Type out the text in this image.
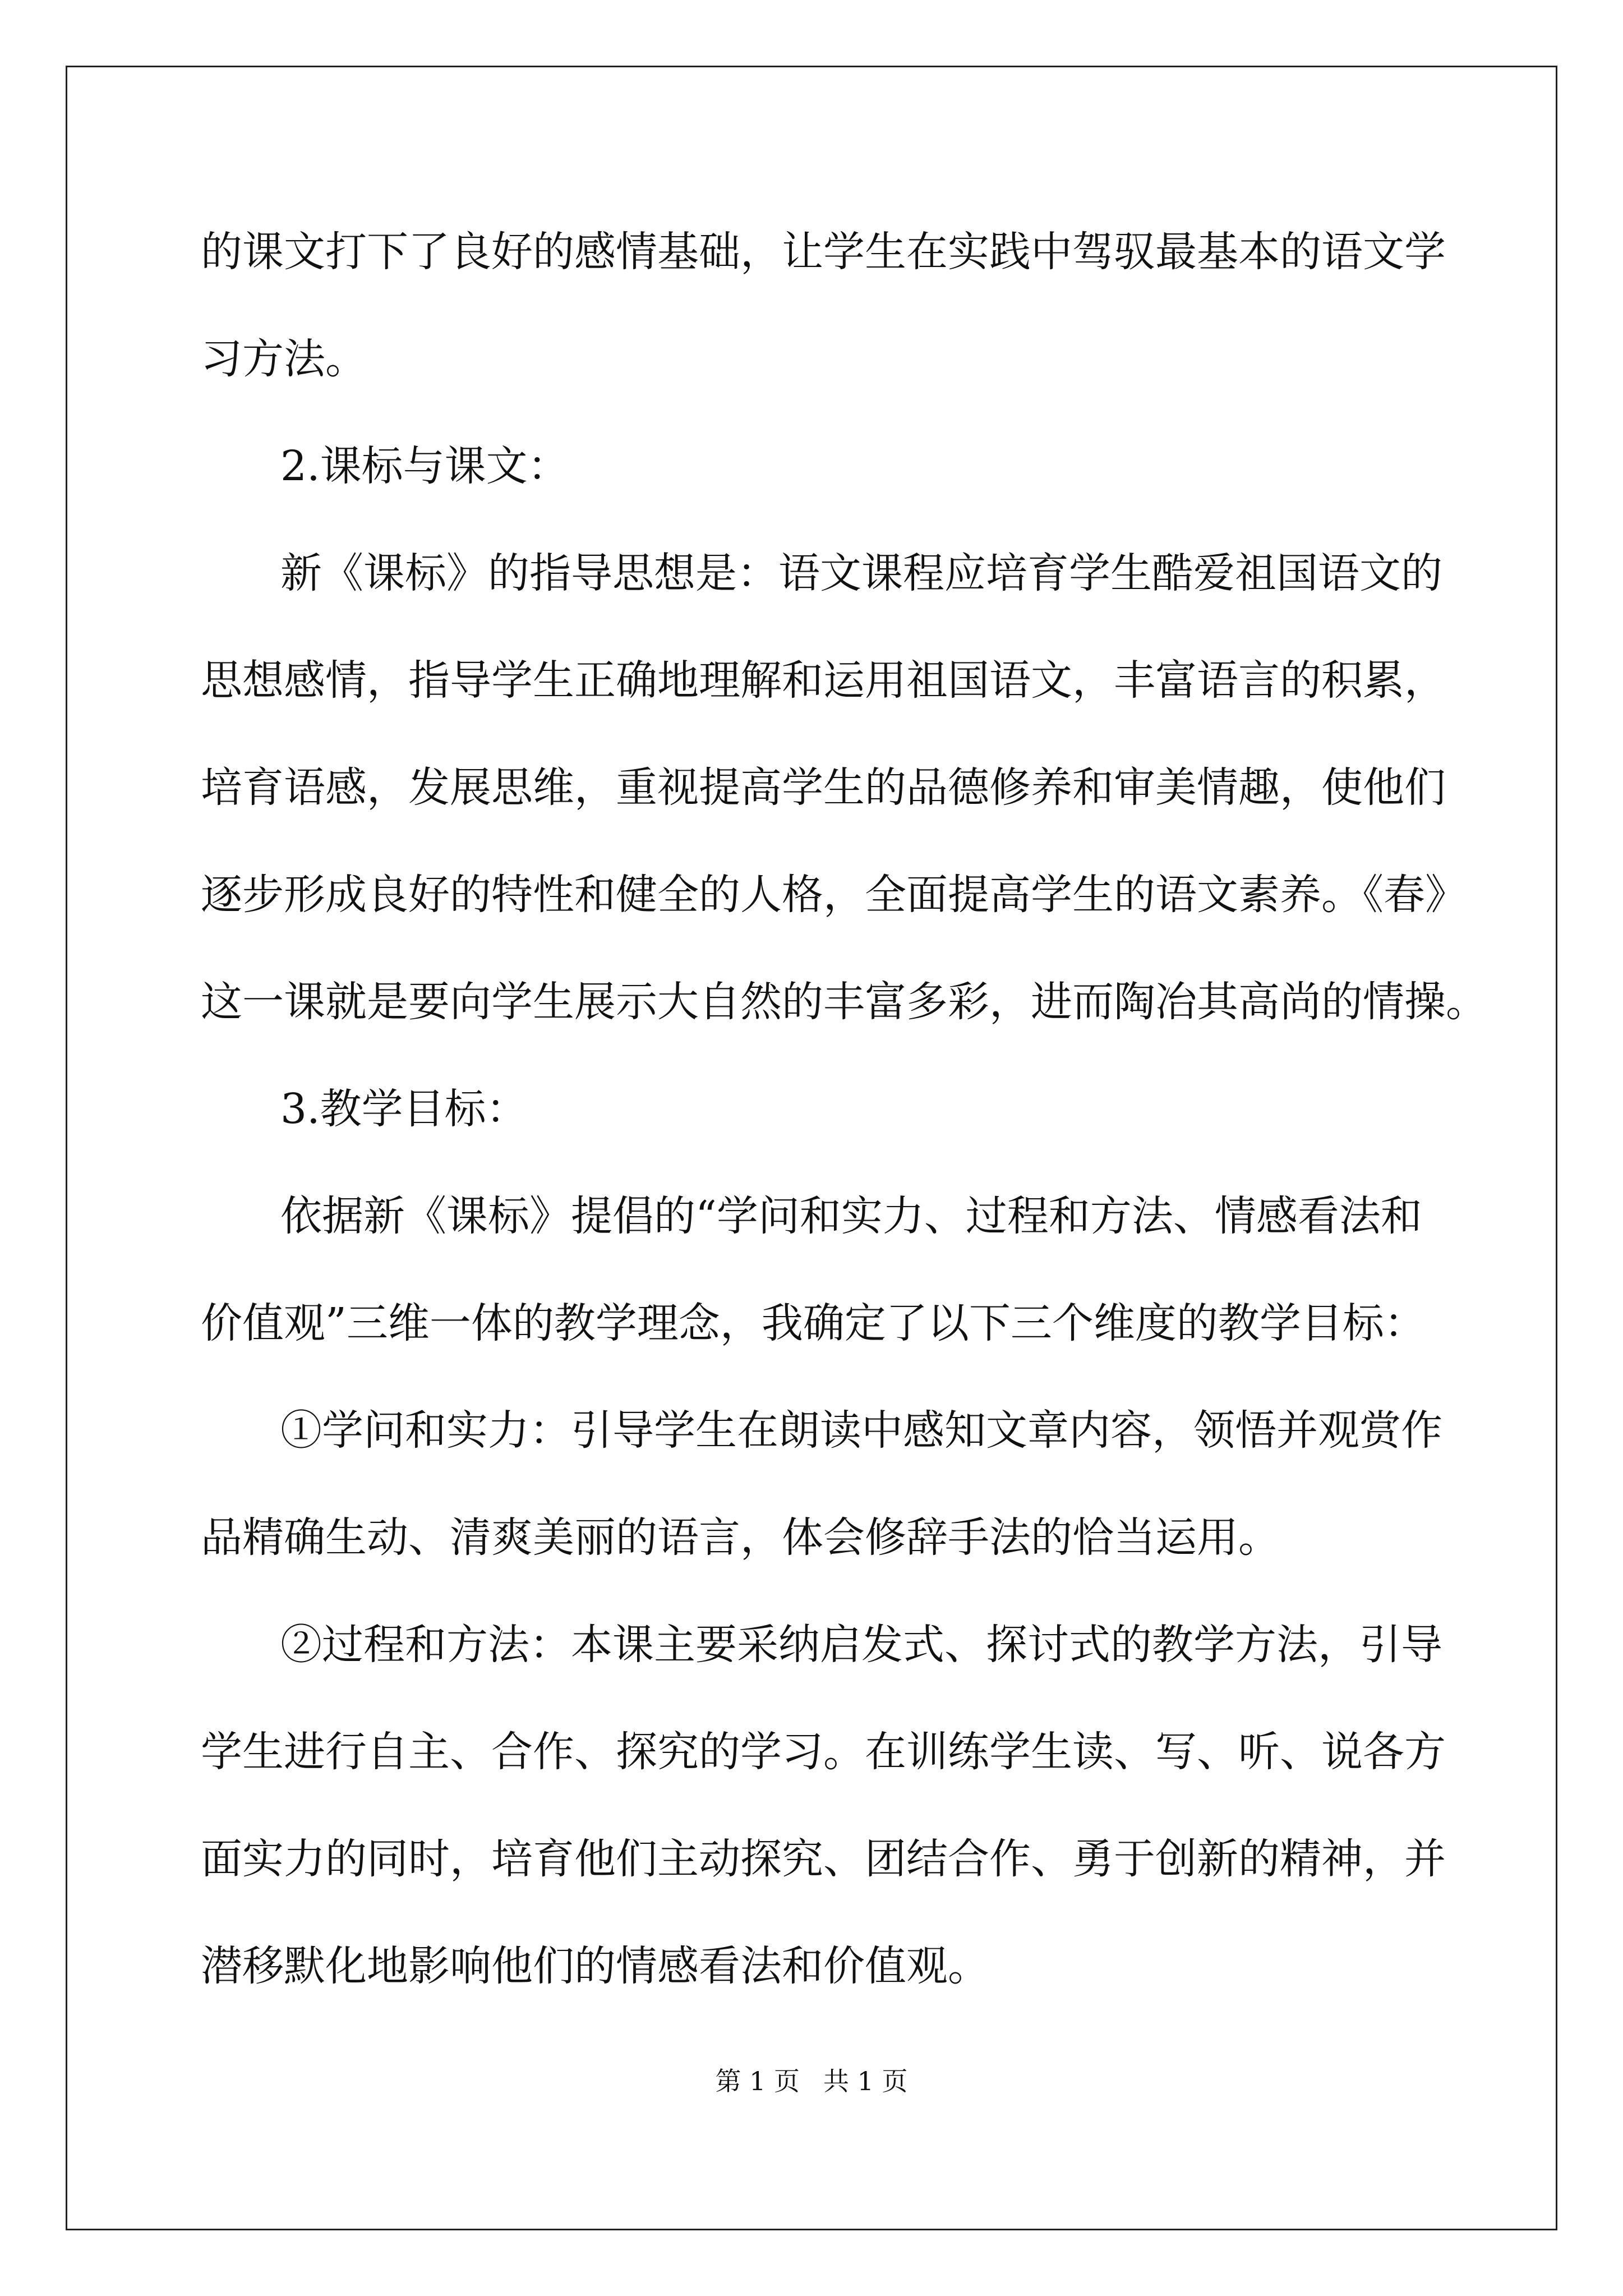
的课文打下了良好的感情基础，让学生在实践中驾驭最基本的语文学
习方法。
2.课标与课文：
新《课标》的指导思想是：语文课程应培育学生酷爱祖国语文的
思想感情，指导学生正确地理解和运用祖国语文，丰富语言的积累，
培育语感，发展思维，重视提高学生的品德修养和审美情趣，使他们
逐步形成良好的特性和健全的人格，全面提高学生的语文素养。《春》
这一课就是要向学生展示大自然的丰富多彩，进而陶冶其高尚的情操。
3.教学目标：
依据新《课标》提倡的“学问和实力、过程和方法、情感看法和
价值观”三维一体的教学理念，我确定了以下三个维度的教学目标：
①学问和实力：引导学生在朗读中感知文章内容，领悟并观赏作
品精确生动、清爽美丽的语言，体会修辞手法的恰当运用。
②过程和方法：本课主要采纳启发式、探讨式的教学方法，引导
学生进行自主、合作、探究的学习。在训练学生读、写、听、说各方
面实力的同时，培育他们主动探究、团结合作、勇于创新的精神，并
潜移默化地影响他们的情感看法和价值观。
第 1 页 共 1 页
